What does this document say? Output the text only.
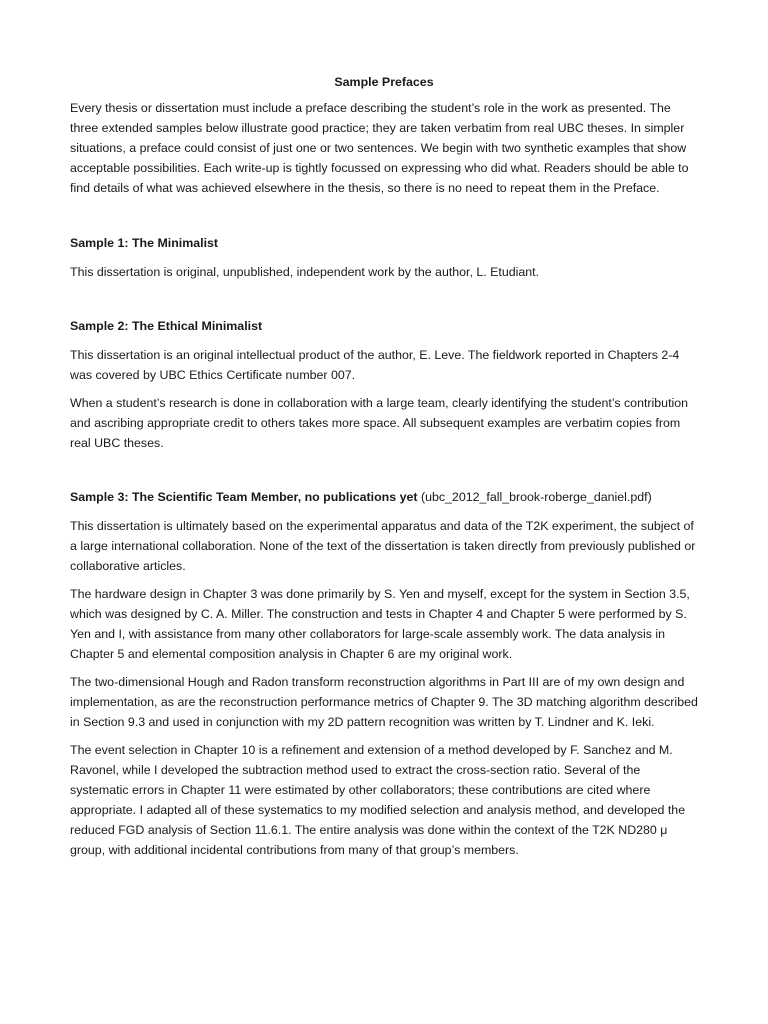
Sample Prefaces

Every thesis or dissertation must include a preface describing the student’s role in the work as presented. The three extended samples below illustrate good practice; they are taken verbatim from real UBC theses. In simpler situations, a preface could consist of just one or two sentences. We begin with two synthetic examples that show acceptable possibilities. Each write-up is tightly focussed on expressing who did what. Readers should be able to find details of what was achieved elsewhere in the thesis, so there is no need to repeat them in the Preface.

Sample 1: The Minimalist

This dissertation is original, unpublished, independent work by the author, L. Etudiant.

Sample 2: The Ethical Minimalist

This dissertation is an original intellectual product of the author, E. Leve. The fieldwork reported in Chapters 2-4 was covered by UBC Ethics Certificate number 007.

When a student’s research is done in collaboration with a large team, clearly identifying the student’s contribution and ascribing appropriate credit to others takes more space. All subsequent examples are verbatim copies from real UBC theses.

Sample 3: The Scientific Team Member, no publications yet (ubc_2012_fall_brook-roberge_daniel.pdf)

This dissertation is ultimately based on the experimental apparatus and data of the T2K experiment, the subject of a large international collaboration. None of the text of the dissertation is taken directly from previously published or collaborative articles.

The hardware design in Chapter 3 was done primarily by S. Yen and myself, except for the system in Section 3.5, which was designed by C. A. Miller. The construction and tests in Chapter 4 and Chapter 5 were performed by S. Yen and I, with assistance from many other collaborators for large-scale assembly work. The data analysis in Chapter 5 and elemental composition analysis in Chapter 6 are my original work.

The two-dimensional Hough and Radon transform reconstruction algorithms in Part III are of my own design and implementation, as are the reconstruction performance metrics of Chapter 9. The 3D matching algorithm described in Section 9.3 and used in conjunction with my 2D pattern recognition was written by T. Lindner and K. Ieki.

The event selection in Chapter 10 is a refinement and extension of a method developed by F. Sanchez and M. Ravonel, while I developed the subtraction method used to extract the cross-section ratio. Several of the systematic errors in Chapter 11 were estimated by other collaborators; these contributions are cited where appropriate. I adapted all of these systematics to my modified selection and analysis method, and developed the reduced FGD analysis of Section 11.6.1. The entire analysis was done within the context of the T2K ND280 μ group, with additional incidental contributions from many of that group’s members.
